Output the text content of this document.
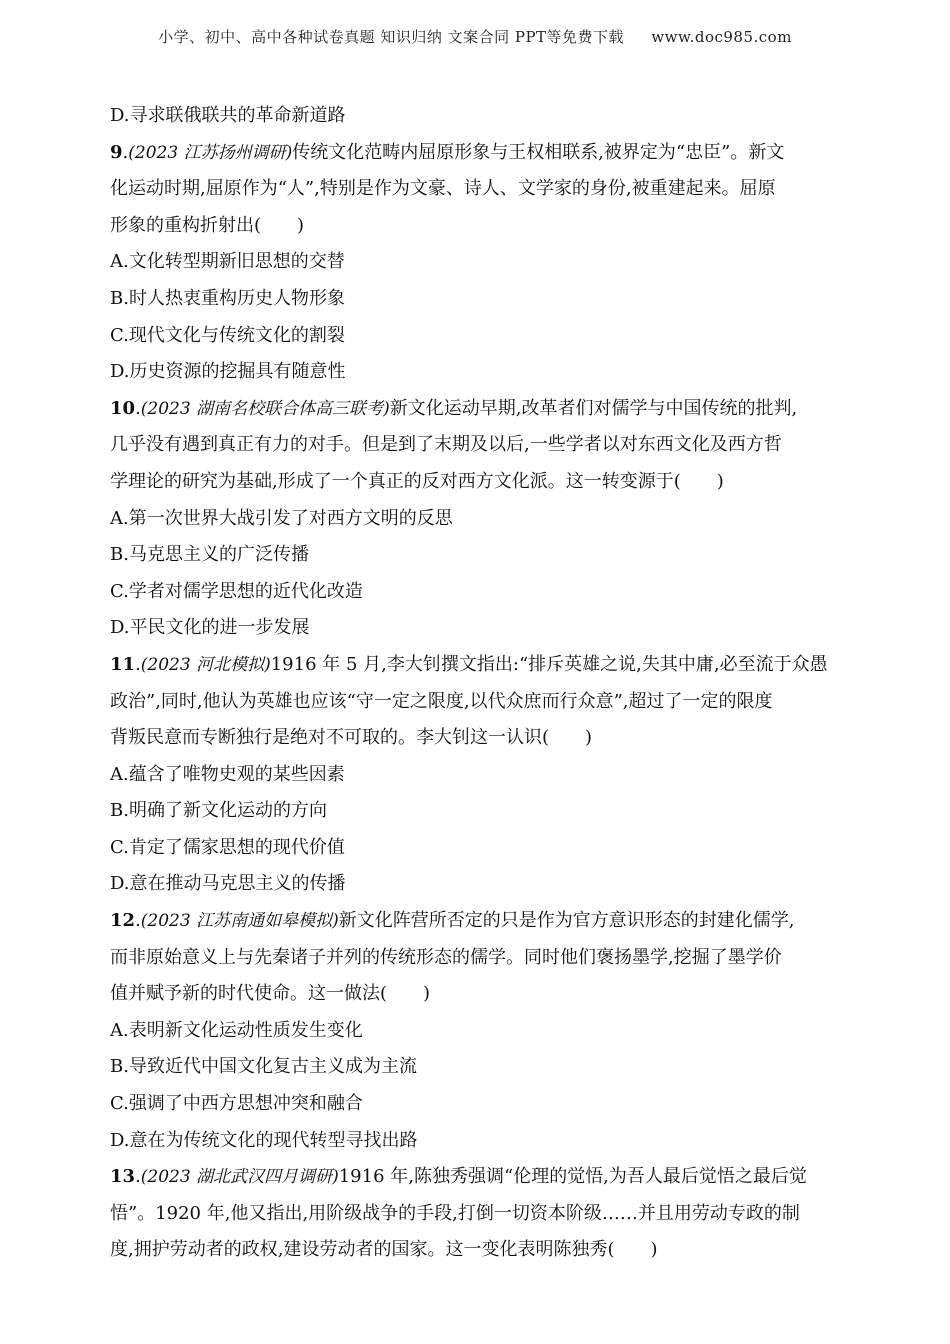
小学、初中、高中各种试卷真题 知识归纳 文案合同 PPT等免费下载 www.doc985.com
D.寻求联俄联共的革命新道路
9.(2023 江苏扬州调研)传统文化范畴内屈原形象与王权相联系,被界定为“忠臣”。新文
化运动时期,屈原作为“人”,特别是作为文豪、诗人、文学家的身份,被重建起来。屈原
形象的重构折射出(　　)
A.文化转型期新旧思想的交替
B.时人热衷重构历史人物形象
C.现代文化与传统文化的割裂
D.历史资源的挖掘具有随意性
10.(2023 湖南名校联合体高三联考)新文化运动早期,改革者们对儒学与中国传统的批判,
几乎没有遇到真正有力的对手。但是到了末期及以后,一些学者以对东西文化及西方哲
学理论的研究为基础,形成了一个真正的反对西方文化派。这一转变源于(　　)
A.第一次世界大战引发了对西方文明的反思
B.马克思主义的广泛传播
C.学者对儒学思想的近代化改造
D.平民文化的进一步发展
11.(2023 河北模拟)1916 年 5 月,李大钊撰文指出:“排斥英雄之说,失其中庸,必至流于众愚
政治”,同时,他认为英雄也应该“守一定之限度,以代众庶而行众意”,超过了一定的限度
背叛民意而专断独行是绝对不可取的。李大钊这一认识(　　)
A.蕴含了唯物史观的某些因素
B.明确了新文化运动的方向
C.肯定了儒家思想的现代价值
D.意在推动马克思主义的传播
12.(2023 江苏南通如皋模拟)新文化阵营所否定的只是作为官方意识形态的封建化儒学,
而非原始意义上与先秦诸子并列的传统形态的儒学。同时他们褒扬墨学,挖掘了墨学价
值并赋予新的时代使命。这一做法(　　)
A.表明新文化运动性质发生变化
B.导致近代中国文化复古主义成为主流
C.强调了中西方思想冲突和融合
D.意在为传统文化的现代转型寻找出路
13.(2023 湖北武汉四月调研)1916 年,陈独秀强调“伦理的觉悟,为吾人最后觉悟之最后觉
悟”。1920 年,他又指出,用阶级战争的手段,打倒一切资本阶级……并且用劳动专政的制
度,拥护劳动者的政权,建设劳动者的国家。这一变化表明陈独秀(　　)
